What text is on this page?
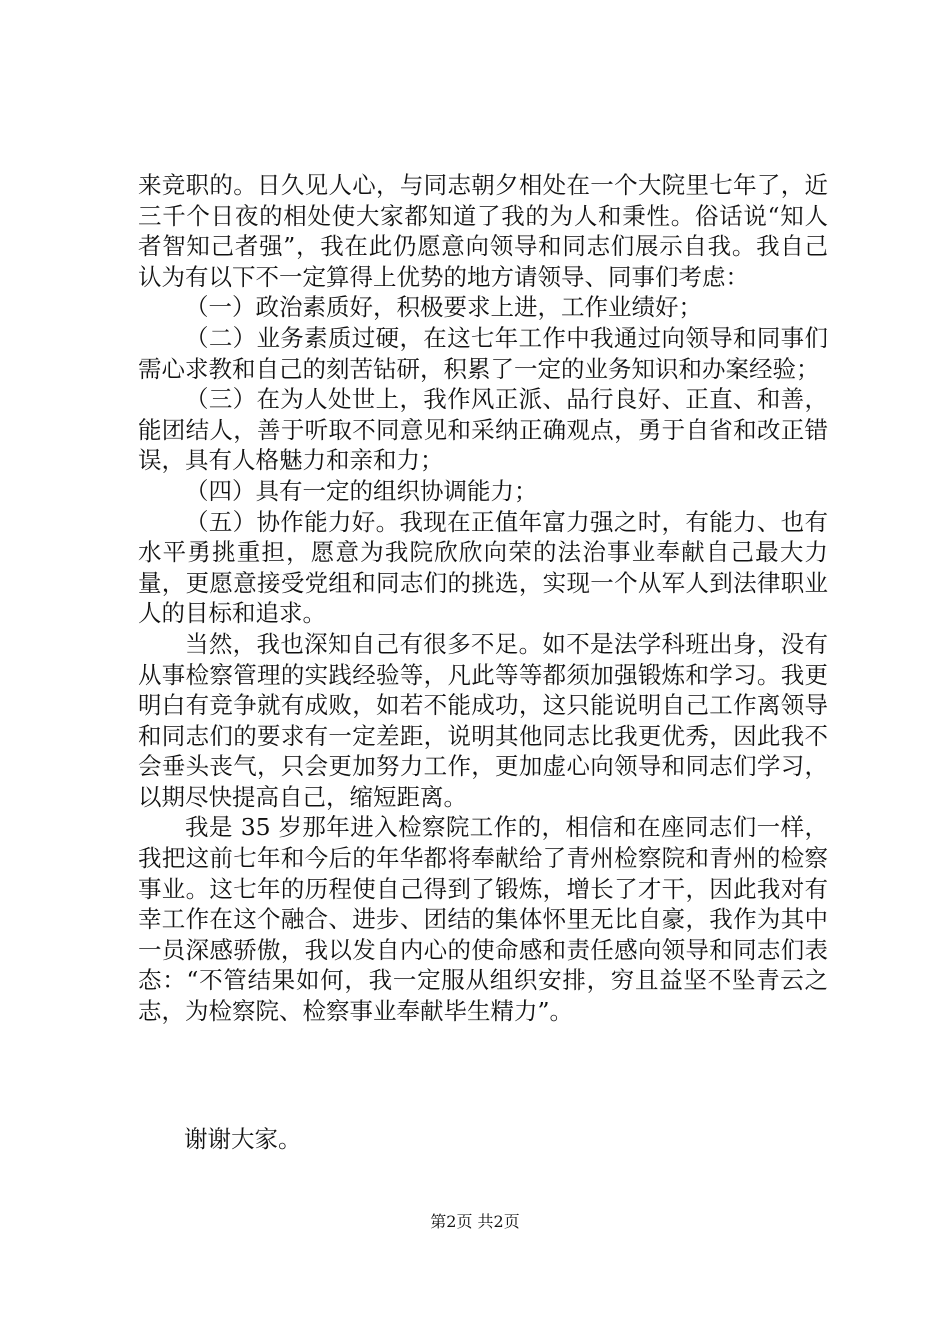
来竞职的。日久见人心，与同志朝夕相处在一个大院里七年了，近三千个日夜的相处使大家都知道了我的为人和秉性。俗话说“知人者智知己者强”，我在此仍愿意向领导和同志们展示自我。我自己认为有以下不一定算得上优势的地方请领导、同事们考虑：

（一）政治素质好，积极要求上进，工作业绩好；

（二）业务素质过硬，在这七年工作中我通过向领导和同事们需心求教和自己的刻苦钻研，积累了一定的业务知识和办案经验；

（三）在为人处世上，我作风正派、品行良好、正直、和善，能团结人，善于听取不同意见和采纳正确观点，勇于自省和改正错误，具有人格魅力和亲和力；

（四）具有一定的组织协调能力；

（五）协作能力好。我现在正值年富力强之时，有能力、也有水平勇挑重担，愿意为我院欣欣向荣的法治事业奉献自己最大力量，更愿意接受党组和同志们的挑选，实现一个从军人到法律职业人的目标和追求。

当然，我也深知自己有很多不足。如不是法学科班出身，没有从事检察管理的实践经验等，凡此等等都须加强锻炼和学习。我更明白有竞争就有成败，如若不能成功，这只能说明自己工作离领导和同志们的要求有一定差距，说明其他同志比我更优秀，因此我不会垂头丧气，只会更加努力工作，更加虚心向领导和同志们学习，以期尽快提高自己，缩短距离。

我是 35 岁那年进入检察院工作的，相信和在座同志们一样，我把这前七年和今后的年华都将奉献给了青州检察院和青州的检察事业。这七年的历程使自己得到了锻炼，增长了才干，因此我对有幸工作在这个融合、进步、团结的集体怀里无比自豪，我作为其中一员深感骄傲，我以发自内心的使命感和责任感向领导和同志们表态：“不管结果如何，我一定服从组织安排，穷且益坚不坠青云之志，为检察院、检察事业奉献毕生精力”。

谢谢大家。
第2页 共2页
